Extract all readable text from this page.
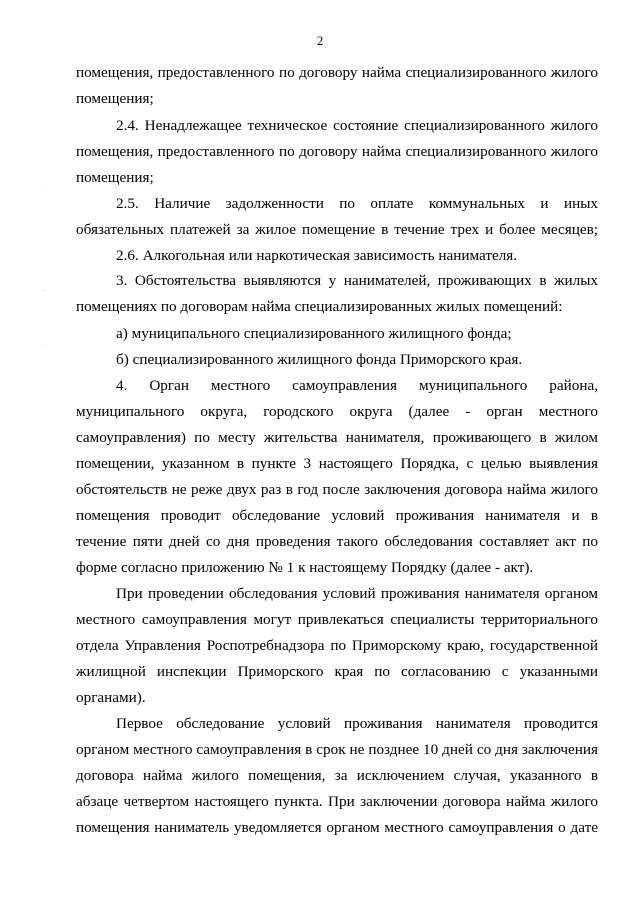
2
помещения, предоставленного по договору найма специализированного жилого
помещения;
2.4. Ненадлежащее техническое состояние специализированного жилого
помещения, предоставленного по договору найма специализированного жилого
помещения;
2.5. Наличие задолженности по оплате коммунальных и иных
обязательных платежей за жилое помещение в течение трех и более месяцев;
2.6. Алкогольная или наркотическая зависимость нанимателя.
3. Обстоятельства выявляются у нанимателей, проживающих в жилых
помещениях по договорам найма специализированных жилых помещений:
а) муниципального специализированного жилищного фонда;
б) специализированного жилищного фонда Приморского края.
4. Орган местного самоуправления муниципального района,
муниципального округа, городского округа (далее - орган местного
самоуправления) по месту жительства нанимателя, проживающего в жилом
помещении, указанном в пункте 3 настоящего Порядка, с целью выявления
обстоятельств не реже двух раз в год после заключения договора найма жилого
помещения проводит обследование условий проживания нанимателя и в
течение пяти дней со дня проведения такого обследования составляет акт по
форме согласно приложению № 1 к настоящему Порядку (далее - акт).
При проведении обследования условий проживания нанимателя органом
местного самоуправления могут привлекаться специалисты территориального
отдела Управления Роспотребнадзора по Приморскому краю, государственной
жилищной инспекции Приморского края по согласованию с указанными
органами).
Первое обследование условий проживания нанимателя проводится
органом местного самоуправления в срок не позднее 10 дней со дня заключения
договора найма жилого помещения, за исключением случая, указанного в
абзаце четвертом настоящего пункта. При заключении договора найма жилого
помещения наниматель уведомляется органом местного самоуправления о дате
